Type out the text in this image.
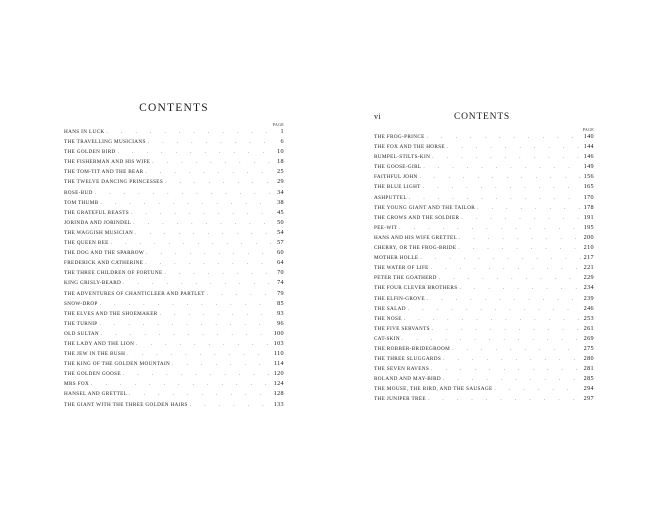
CONTENTS
PAGE
HANS IN LUCK . . .	1
THE TRAVELLING MUSICIANS . . .	6
THE GOLDEN BIRD . . .	10
THE FISHERMAN AND HIS WIFE . . .	18
THE TOM-TIT AND THE BEAR . . .	25
THE TWELVE DANCING PRINCESSES . . .	29
ROSE-BUD . . .	34
TOM THUMB . . .	38
THE GRATEFUL BEASTS . . .	45
JORINDA AND JORINDEL . . .	50
THE WAGGISH MUSICIAN . . .	54
THE QUEEN BEE . . .	57
THE DOG AND THE SPARROW . . .	60
FREDERICK AND CATHERINE . . .	64
THE THREE CHILDREN OF FORTUNE . . .	70
KING GRISLY-BEARD . . .	74
THE ADVENTURES OF CHANTICLEER AND PARTLET . . .	79
SNOW-DROP . . .	85
THE ELVES AND THE SHOEMAKER . . .	93
THE TURNIP . . .	96
OLD SULTAN . . .	100
THE LADY AND THE LION . . .	103
THE JEW IN THE BUSH . . .	110
THE KING OF THE GOLDEN MOUNTAIN . . .	114
THE GOLDEN GOOSE . . .	120
MRS FOX . . .	124
HANSEL AND GRETTEL . . .	128
THE GIANT WITH THE THREE GOLDEN HAIRS . . .	133
vi	CONTENTS
PAGE
THE FROG-PRINCE . . .	140
THE FOX AND THE HORSE . . .	144
RUMPEL-STILTS-KIN . . .	146
THE GOOSE-GIRL . . .	149
FAITHFUL JOHN . . .	156
THE BLUE LIGHT . . .	165
ASHPUTTEL . . .	170
THE YOUNG GIANT AND THE TAILOR . . .	178
THE CROWS AND THE SOLDIER . . .	191
PEE-WIT . . .	195
HANS AND HIS WIFE GRETTEL . . .	200
CHERRY, OR THE FROG-BRIDE . . .	210
MOTHER HOLLE . . .	217
THE WATER OF LIFE . . .	221
PETER THE GOATHERD . . .	229
THE FOUR CLEVER BROTHERS . . .	234
THE ELFIN-GROVE . . .	239
THE SALAD . . .	246
THE NOSE . . .	253
THE FIVE SERVANTS . . .	261
CAT-SKIN . . .	269
THE ROBBER-BRIDEGROOM . . .	275
THE THREE SLUGGARDS . . .	280
THE SEVEN RAVENS . . .	281
ROLAND AND MAY-BIRD . . .	285
THE MOUSE, THE BIRD, AND THE SAUSAGE . . .	294
THE JUNIPER TREE . . .	297
